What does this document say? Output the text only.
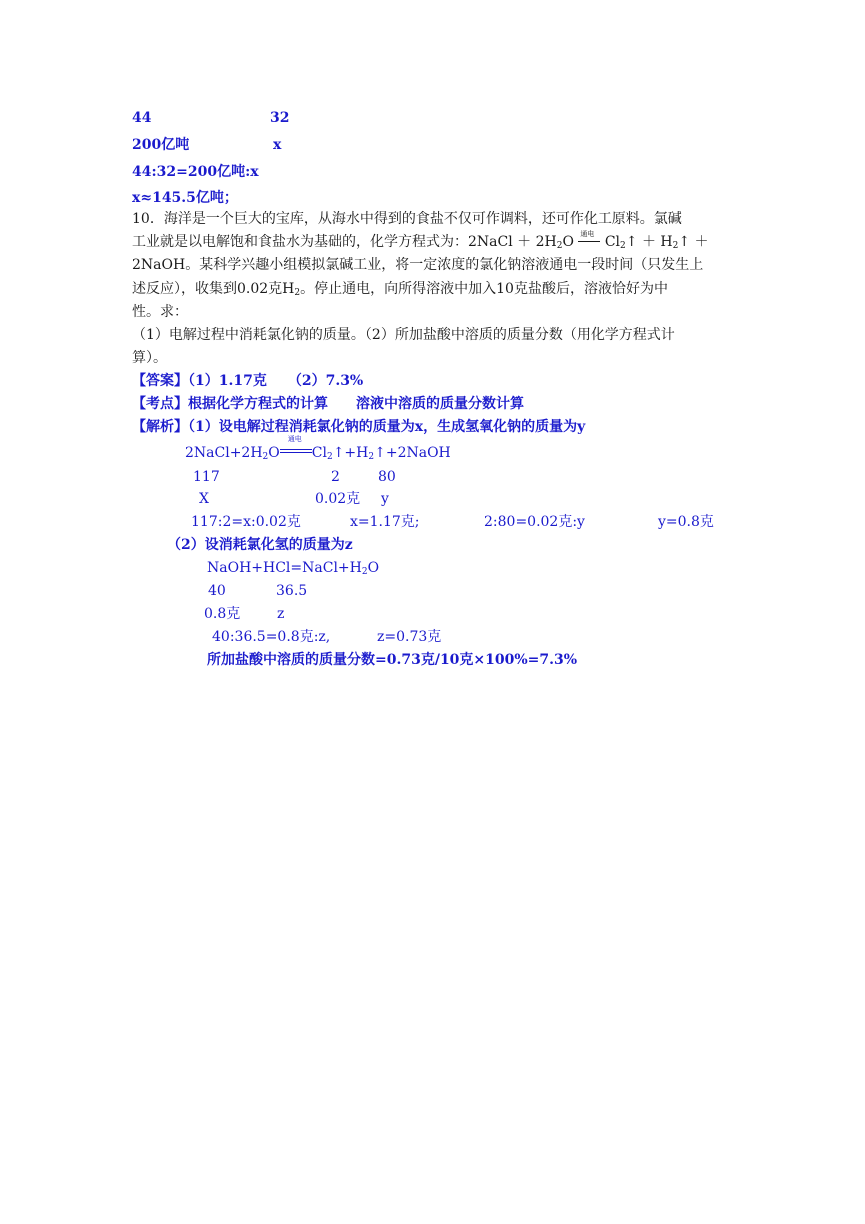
44	32
200亿吨	x
44:32=200亿吨:x
x≈145.5亿吨；
10．海洋是一个巨大的宝库，从海水中得到的食盐不仅可作调料，还可作化工原料。氯碱
工业就是以电解饱和食盐水为基础的，化学方程式为：2NaCl ＋ $2H_2O$ 通电 $Cl_2↑$ ＋ $H_2↑$ ＋
2NaOH。某科学兴趣小组模拟氯碱工业，将一定浓度的氯化钠溶液通电一段时间（只发生上
述反应），收集到0.02克$H_2$。停止通电，向所得溶液中加入10克盐酸后，溶液恰好为中
性。求：
（1）电解过程中消耗氯化钠的质量。（2）所加盐酸中溶质的质量分数（用化学方程式计
算）。
【答案】（1）1.17克　　（2）7.3%
【考点】根据化学方程式的计算　　溶液中溶质的质量分数计算
【解析】（1）设电解过程消耗氯化钠的质量为x，生成氢氧化钠的质量为y
$2NaCl+2H_2O$
通电
$Cl_2↑+H_2↑+2NaOH$
117	2	80
X	0.02克 y
117:2=x:0.02克	x=1.17克;	2:80=0.02克:y	y=0.8克
（2）设消耗氯化氢的质量为z
$NaOH+HCl=NaCl+H_2O$
40	36.5
0.8克	z
40:36.5=0.8克:z,	z=0.73克
所加盐酸中溶质的质量分数=0.73克/10克×100%=7.3%
